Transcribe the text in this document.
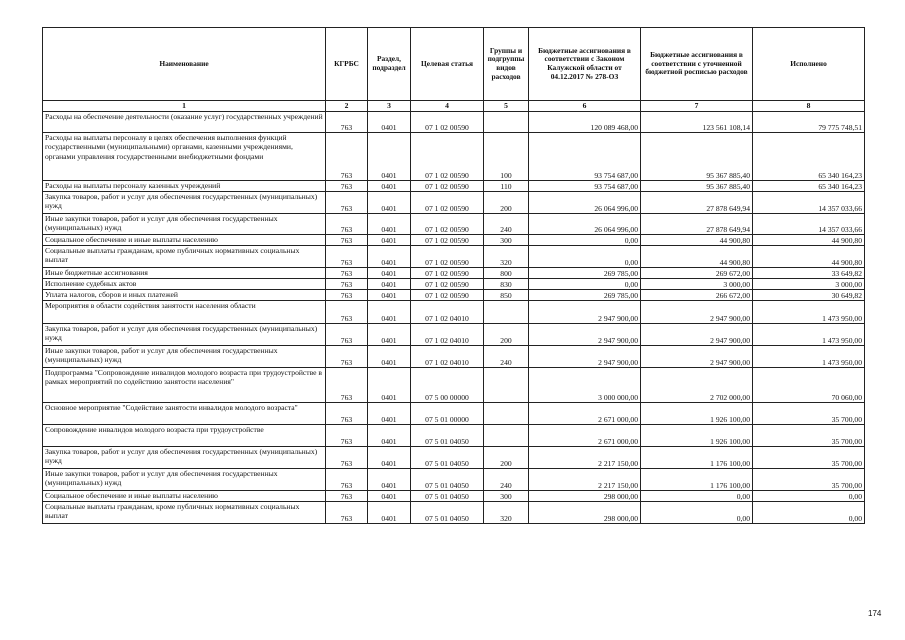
Наименование	КГРБС	Раздел, подраздел	Целевая статья	Группы и подгруппы видов расходов	Бюджетные ассигнования в соответствии с Законом Калужской области от 04.12.2017 № 278-ОЗ	Бюджетные ассигнования в соответствии с уточненной бюджетной росписью расходов	Исполнено
1	2	3	4	5	6	7	8
Расходы на обеспечение деятельности (оказание услуг) государственных учреждений	763	0401	07 1 02 00590		120 089 468,00	123 561 108,14	79 775 748,51
Расходы на выплаты персоналу в целях обеспечения выполнения функций государственными (муниципальными) органами, казенными учреждениями, органами управления государственными внебюджетными фондами	763	0401	07 1 02 00590	100	93 754 687,00	95 367 885,40	65 340 164,23
Расходы на выплаты персоналу казенных учреждений	763	0401	07 1 02 00590	110	93 754 687,00	95 367 885,40	65 340 164,23
Закупка товаров, работ и услуг для обеспечения государственных (муниципальных) нужд	763	0401	07 1 02 00590	200	26 064 996,00	27 878 649,94	14 357 033,66
Иные закупки товаров, работ и услуг для обеспечения государственных (муниципальных) нужд	763	0401	07 1 02 00590	240	26 064 996,00	27 878 649,94	14 357 033,66
Социальное обеспечение и иные выплаты населению	763	0401	07 1 02 00590	300	0,00	44 900,80	44 900,80
Социальные выплаты гражданам, кроме публичных нормативных социальных выплат	763	0401	07 1 02 00590	320	0,00	44 900,80	44 900,80
Иные бюджетные ассигнования	763	0401	07 1 02 00590	800	269 785,00	269 672,00	33 649,82
Исполнение судебных актов	763	0401	07 1 02 00590	830	0,00	3 000,00	3 000,00
Уплата налогов, сборов и иных платежей	763	0401	07 1 02 00590	850	269 785,00	266 672,00	30 649,82
Мероприятия в области содействия занятости населения области	763	0401	07 1 02 04010		2 947 900,00	2 947 900,00	1 473 950,00
Закупка товаров, работ и услуг для обеспечения государственных (муниципальных) нужд	763	0401	07 1 02 04010	200	2 947 900,00	2 947 900,00	1 473 950,00
Иные закупки товаров, работ и услуг для обеспечения государственных (муниципальных) нужд	763	0401	07 1 02 04010	240	2 947 900,00	2 947 900,00	1 473 950,00
Подпрограмма "Сопровождение инвалидов молодого возраста при трудоустройстве в рамках мероприятий по содействию занятости населения"	763	0401	07 5 00 00000		3 000 000,00	2 702 000,00	70 060,00
Основное мероприятие "Содействие занятости инвалидов молодого возраста"	763	0401	07 5 01 00000		2 671 000,00	1 926 100,00	35 700,00
Сопровождение инвалидов молодого возраста при трудоустройстве	763	0401	07 5 01 04050		2 671 000,00	1 926 100,00	35 700,00
Закупка товаров, работ и услуг для обеспечения государственных (муниципальных) нужд	763	0401	07 5 01 04050	200	2 217 150,00	1 176 100,00	35 700,00
Иные закупки товаров, работ и услуг для обеспечения государственных (муниципальных) нужд	763	0401	07 5 01 04050	240	2 217 150,00	1 176 100,00	35 700,00
Социальное обеспечение и иные выплаты населению	763	0401	07 5 01 04050	300	298 000,00	0,00	0,00
Социальные выплаты гражданам, кроме публичных нормативных социальных выплат	763	0401	07 5 01 04050	320	298 000,00	0,00	0,00
174
